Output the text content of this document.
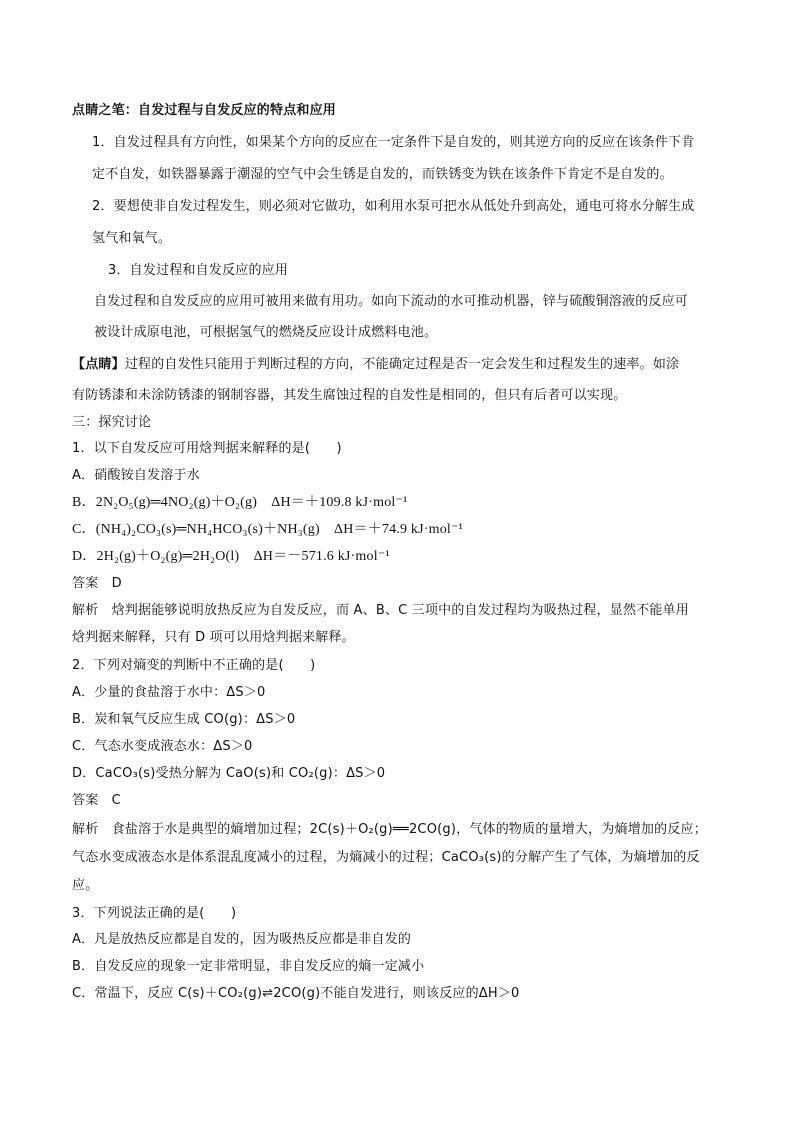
点睛之笔：自发过程与自发反应的特点和应用
1．自发过程具有方向性，如果某个方向的反应在一定条件下是自发的，则其逆方向的反应在该条件下肯
定不自发，如铁器暴露于潮湿的空气中会生锈是自发的，而铁锈变为铁在该条件下肯定不是自发的。
2．要想使非自发过程发生，则必须对它做功，如利用水泵可把水从低处升到高处，通电可将水分解生成
氢气和氧气。
3．自发过程和自发反应的应用
自发过程和自发反应的应用可被用来做有用功。如向下流动的水可推动机器，锌与硫酸铜溶液的反应可
被设计成原电池，可根据氢气的燃烧反应设计成燃料电池。
【点睛】过程的自发性只能用于判断过程的方向，不能确定过程是否一定会发生和过程发生的速率。如涂
有防锈漆和未涂防锈漆的钢制容器，其发生腐蚀过程的自发性是相同的，但只有后者可以实现。
三：探究讨论
1．以下自发反应可用焓判据来解释的是(　　)
A．硝酸铵自发溶于水
B．2N₂O₅(g)═4NO₂(g)＋O₂(g)　ΔH＝＋109.8 kJ·mol⁻¹
C．(NH₄)₂CO₃(s)═NH₄HCO₃(s)＋NH₃(g)　ΔH＝＋74.9 kJ·mol⁻¹
D．2H₂(g)＋O₂(g)═2H₂O(l)　ΔH＝－571.6 kJ·mol⁻¹
答案　D
解析　焓判据能够说明放热反应为自发反应，而 A、B、C 三项中的自发过程均为吸热过程，显然不能单用
焓判据来解释，只有 D 项可以用焓判据来解释。
2．下列对熵变的判断中不正确的是(　　)
A．少量的食盐溶于水中：ΔS＞0
B．炭和氧气反应生成 CO(g)：ΔS＞0
C．气态水变成液态水：ΔS＞0
D．CaCO₃(s)受热分解为 CaO(s)和 CO₂(g)：ΔS＞0
答案　C
解析　食盐溶于水是典型的熵增加过程；2C(s)＋O₂(g)══2CO(g)，气体的物质的量增大，为熵增加的反应；
气态水变成液态水是体系混乱度减小的过程，为熵减小的过程；CaCO₃(s)的分解产生了气体，为熵增加的反
应。
3．下列说法正确的是(　　)
A．凡是放热反应都是自发的，因为吸热反应都是非自发的
B．自发反应的现象一定非常明显，非自发反应的熵一定减小
C．常温下，反应 C(s)＋CO₂(g)⇌2CO(g)不能自发进行，则该反应的ΔH＞0
